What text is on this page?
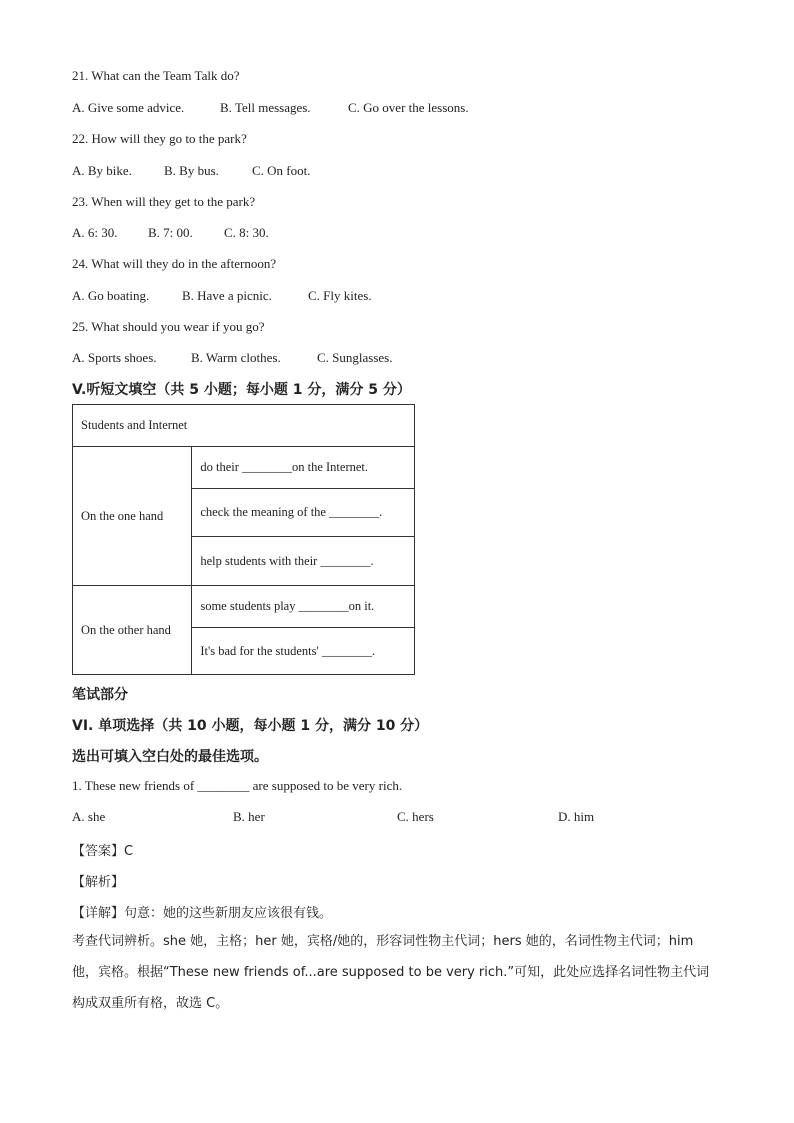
21. What can the Team Talk do?
A. Give some advice.	B. Tell messages.	C. Go over the lessons.
22. How will they go to the park?
A. By bike. B. By bus.	C. On foot.
23. When will they get to the park?
A. 6: 30. B. 7: 00. C. 8: 30.
24. What will they do in the afternoon?
A. Go boating.	B. Have a picnic.	C. Fly kites.
25. What should you wear if you go?
A. Sports shoes.	B. Warm clothes.	C. Sunglasses.
V.听短文填空（共 5 小题；每小题 1 分，满分 5 分）
Students and Internet	
On the one hand	do their ________on the Internet.
	check the meaning of the ________.
	help students with their ________.
On the other hand	some students play ________on it.
	It's bad for the students' ________.
笔试部分
VI. 单项选择（共 10 小题，每小题 1 分，满分 10 分）
选出可填入空白处的最佳选项。
1. These new friends of ________ are supposed to be very rich.
A. she	B. her	C. hers	D. him
【答案】C
【解析】
【详解】句意：她的这些新朋友应该很有钱。
考查代词辨析。she 她，主格；her 她，宾格/她的，形容词性物主代词；hers 她的，名词性物主代词；him 他，宾格。根据“These new friends of...are supposed to be very rich.”可知，此处应选择名词性物主代词构成双重所有格，故选 C。
